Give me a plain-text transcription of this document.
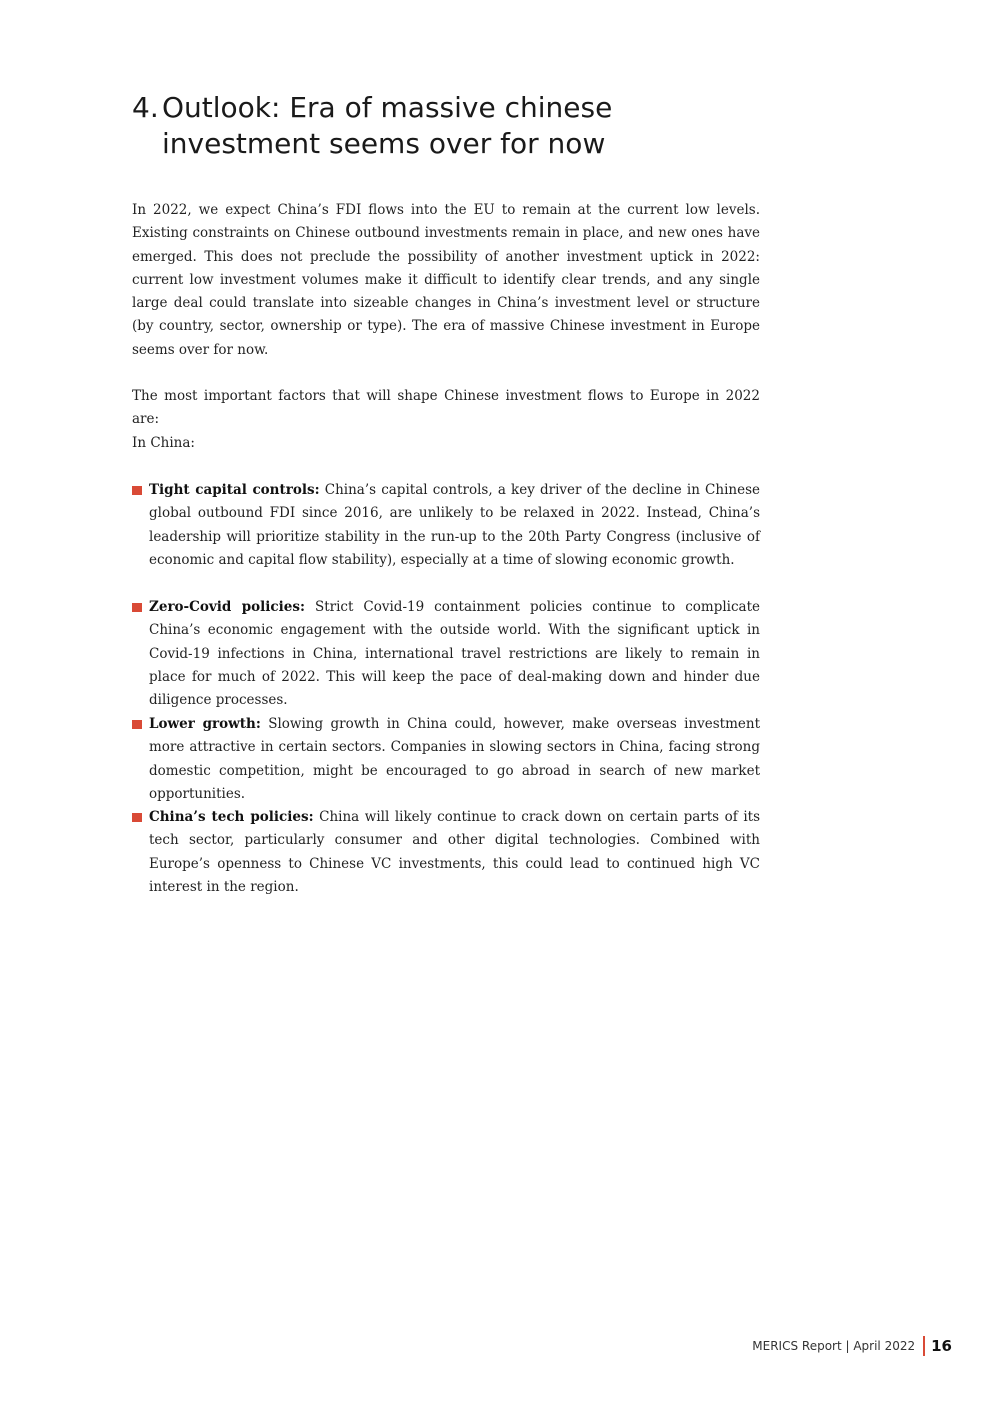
4. Outlook: Era of massive chinese investment seems over for now

In 2022, we expect China’s FDI flows into the EU to remain at the current low levels. Existing constraints on Chinese outbound investments remain in place, and new ones have emerged. This does not preclude the possibility of another investment uptick in 2022: current low investment volumes make it difficult to identify clear trends, and any single large deal could translate into sizeable changes in China’s investment level or structure (by country, sector, ownership or type). The era of massive Chinese investment in Europe seems over for now.

The most important factors that will shape Chinese investment flows to Europe in 2022 are:

In China:

Tight capital controls: China’s capital controls, a key driver of the decline in Chinese global outbound FDI since 2016, are unlikely to be relaxed in 2022. Instead, China’s leadership will prioritize stability in the run-up to the 20th Party Congress (inclusive of economic and capital flow stability), especially at a time of slowing economic growth.
Zero-Covid policies: Strict Covid-19 containment policies continue to complicate China’s economic engagement with the outside world. With the significant uptick in Covid-19 infections in China, international travel restrictions are likely to remain in place for much of 2022. This will keep the pace of deal-making down and hinder due diligence processes.
Lower growth: Slowing growth in China could, however, make overseas investment more attractive in certain sectors. Companies in slowing sectors in China, facing strong domestic competition, might be encouraged to go abroad in search of new market opportunities.
China’s tech policies: China will likely continue to crack down on certain parts of its tech sector, particularly consumer and other digital technologies. Combined with Europe’s openness to Chinese VC investments, this could lead to continued high VC interest in the region.
MERICS Report | April 2022 16
